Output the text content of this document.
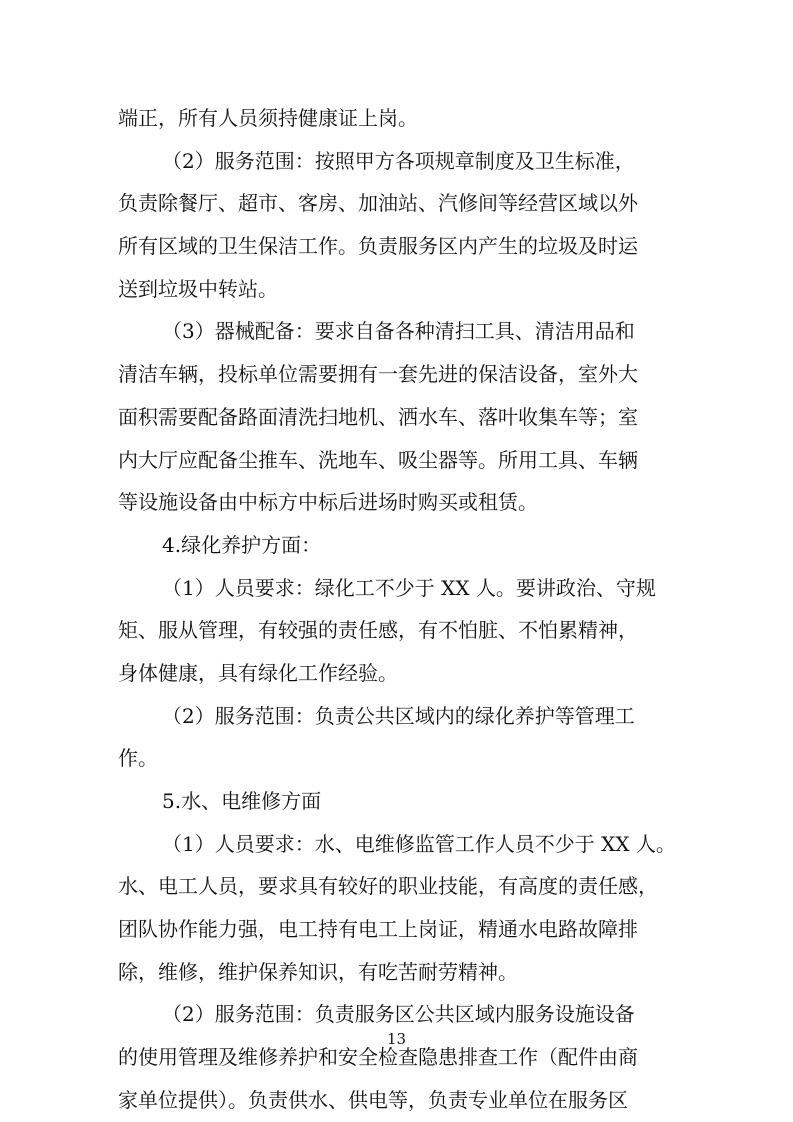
端正，所有人员须持健康证上岗。
（2）服务范围：按照甲方各项规章制度及卫生标准，
负责除餐厅、超市、客房、加油站、汽修间等经营区域以外
所有区域的卫生保洁工作。负责服务区内产生的垃圾及时运
送到垃圾中转站。
（3）器械配备：要求自备各种清扫工具、清洁用品和
清洁车辆，投标单位需要拥有一套先进的保洁设备，室外大
面积需要配备路面清洗扫地机、洒水车、落叶收集车等；室
内大厅应配备尘推车、洗地车、吸尘器等。所用工具、车辆
等设施设备由中标方中标后进场时购买或租赁。
4.绿化养护方面：
（1）人员要求：绿化工不少于 XX 人。要讲政治、守规
矩、服从管理，有较强的责任感，有不怕脏、不怕累精神，
身体健康，具有绿化工作经验。
（2）服务范围：负责公共区域内的绿化养护等管理工
作。
5.水、电维修方面
（1）人员要求：水、电维修监管工作人员不少于 XX 人。
水、电工人员，要求具有较好的职业技能，有高度的责任感，
团队协作能力强，电工持有电工上岗证，精通水电路故障排
除，维修，维护保养知识，有吃苦耐劳精神。
（2）服务范围：负责服务区公共区域内服务设施设备
的使用管理及维修养护和安全检查隐患排查工作（配件由商
家单位提供）。负责供水、供电等，负责专业单位在服务区
13
